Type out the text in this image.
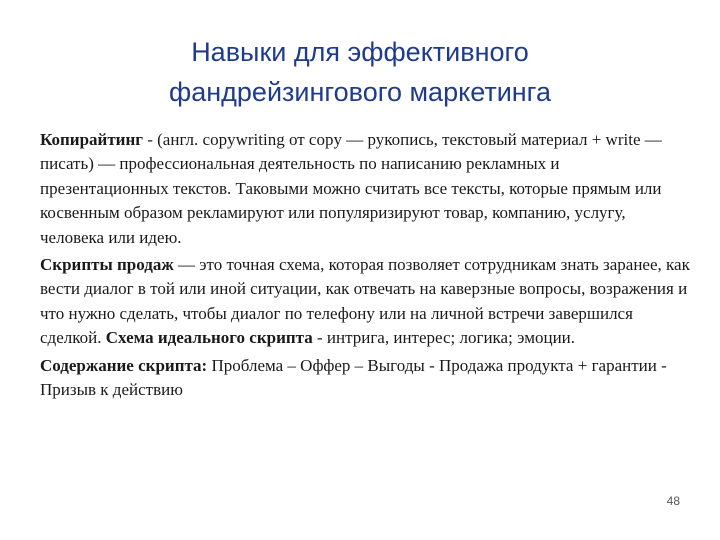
Навыки для эффективного
фандрейзингового маркетинга

Копирайтинг - (англ. copywriting от copy — рукопись, текстовый материал + write — писать) — профессиональная деятельность по написанию рекламных и презентационных текстов. Таковыми можно считать все тексты, которые прямым или косвенным образом рекламируют или популяризируют товар, компанию, услугу, человека или идею.

Скрипты продаж — это точная схема, которая позволяет сотрудникам знать заранее, как вести диалог в той или иной ситуации, как отвечать на каверзные вопросы, возражения и что нужно сделать, чтобы диалог по телефону или на личной встречи завершился сделкой. Схема идеального скрипта - интрига, интерес; логика; эмоции.

Содержание скрипта: Проблема – Оффер – Выгоды - Продажа продукта + гарантии - Призыв к действию

48
